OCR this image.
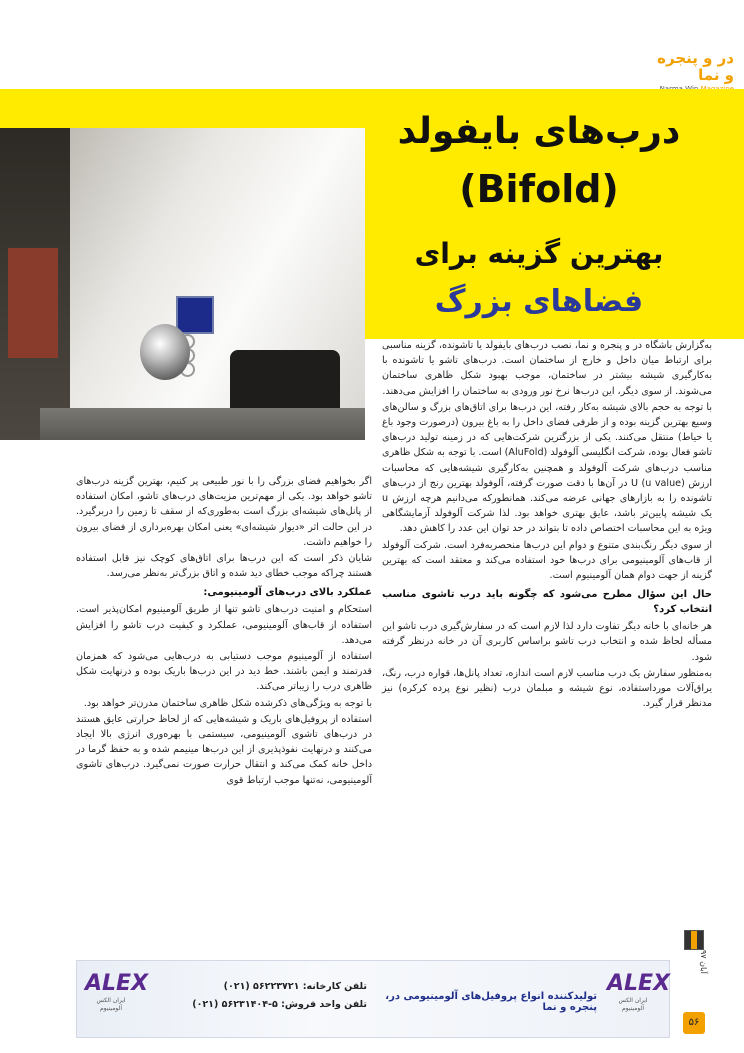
در و پنجره و نما
درب‌های بایفولد
(Bifold)
بهترین گزینه برای
فضاهای بزرگ

به‌گزارش باشگاه در و پنجره و نما، نصب درب‌های بایفولد یا تاشونده، گزینه مناسبی برای ارتباط میان داخل و خارج از ساختمان است. درب‌های تاشو یا تاشونده با به‌کارگیری شیشه بیشتر در ساختمان، موجب بهبود شکل ظاهری ساختمان می‌شوند. از سوی دیگر، این درب‌ها نرخ نور ورودی به ساختمان را افزایش می‌دهند.

با توجه به حجم بالای شیشه به‌کار رفته، این درب‌ها برای اتاق‌های بزرگ و سالن‌های وسیع بهترین گزینه بوده و از طرفی فضای داخل را به باغ بیرون (درصورت وجود باغ یا حیاط) منتقل می‌کنند. یکی از بزرگترین شرکت‌هایی که در زمینه تولید درب‌های تاشو فعال بوده، شرکت انگلیسی آلوفولد (AluFold) است. با توجه به شکل ظاهری مناسب درب‌های شرکت آلوفولد و همچنین به‌کارگیری شیشه‌هایی که محاسبات ارزش U (u value) در آن‌ها با دقت صورت گرفته، آلوفولد بهترین رنج از درب‌های تاشونده را به بازارهای جهانی عرضه می‌کند. همانطورکه می‌دانیم هرچه ارزش u یک شیشه پایین‌تر باشد، عایق بهتری خواهد بود. لذا شرکت آلوفولد آزمایشگاهی ویژه به این محاسبات اختصاص داده تا بتواند در حد توان این عدد را کاهش دهد.

از سوی دیگر رنگ‌بندی متنوع و دوام این درب‌ها منحصربه‌فرد است. شرکت آلوفولد از قاب‌های آلومینیومی برای درب‌ها خود استفاده می‌کند و معتقد است که بهترین گزینه از جهت دوام همان آلومینیوم است.

حال این سؤال مطرح می‌شود که چگونه باید درب تاشوی مناسب انتخاب کرد؟

هر خانه‌ای با خانه دیگر تفاوت دارد لذا لازم است که در سفارش‌گیری درب تاشو این مسأله لحاظ شده و انتخاب درب تاشو براساس کاربری آن در خانه درنظر گرفته شود.

به‌منظور سفارش یک درب مناسب لازم است اندازه، تعداد پانل‌ها، قواره درب، رنگ، یراق‌آلات مورداستفاده، نوع شیشه و مبلمان درب (نظیر نوع پرده کرکره) نیز مدنظر قرار گیرد.

اگر بخواهیم فضای بزرگی را با نور طبیعی پر کنیم، بهترین گزینه درب‌های تاشو خواهد بود. یکی از مهم‌ترین مزیت‌های درب‌های تاشو، امکان استفاده از پانل‌های شیشه‌ای بزرگ است به‌طوری‌که از سقف تا زمین را دربرگیرد. در این حالت اثر «دیوار شیشه‌ای» یعنی امکان بهره‌برداری از فضای بیرون را خواهیم داشت.

شایان ذکر است که این درب‌ها برای اتاق‌های کوچک نیز قابل استفاده هستند چراکه موجب خطای دید شده و اتاق بزرگ‌تر به‌نظر می‌رسد.

عملکرد بالای درب‌های آلومینیومی:

استحکام و امنیت درب‌های تاشو تنها از طریق آلومینیوم امکان‌پذیر است. استفاده از قاب‌های آلومینیومی، عملکرد و کیفیت درب تاشو را افزایش می‌دهد.

استفاده از آلومینیوم موجب دستیابی به درب‌هایی می‌شود که همزمان قدرتمند و ایمن باشند. خط دید در این درب‌ها باریک بوده و درنهایت شکل ظاهری درب را زیباتر می‌کند.

با توجه به ویژگی‌های ذکرشده شکل ظاهری ساختمان مدرن‌تر خواهد بود.

استفاده از پروفیل‌های باریک و شیشه‌هایی که از لحاظ حرارتی عایق هستند در درب‌های تاشوی آلومینیومی، سیستمی با بهره‌وری انرژی بالا ایجاد می‌کنند و درنهایت نفوذپذیری از این درب‌ها مینیمم شده و به حفظ گرما در داخل خانه کمک می‌کند و انتقال حرارت صورت نمی‌گیرد. درب‌های تاشوی آلومینیومی، نه‌تنها موجب ارتباط قوی

آبان ۹۷
۵۶
ALEX
ایران الکس آلومینیوم
ALEX
ایران الکس آلومینیوم
تولیدکننده انواع پروفیل‌های آلومینیومی در، پنجره و نما
تلفن کارخانه: ۵۶۲۲۳۷۲۱ (۰۲۱)
تلفن واحد فروش: ۵-۵۶۲۳۱۴۰۴ (۰۲۱)
